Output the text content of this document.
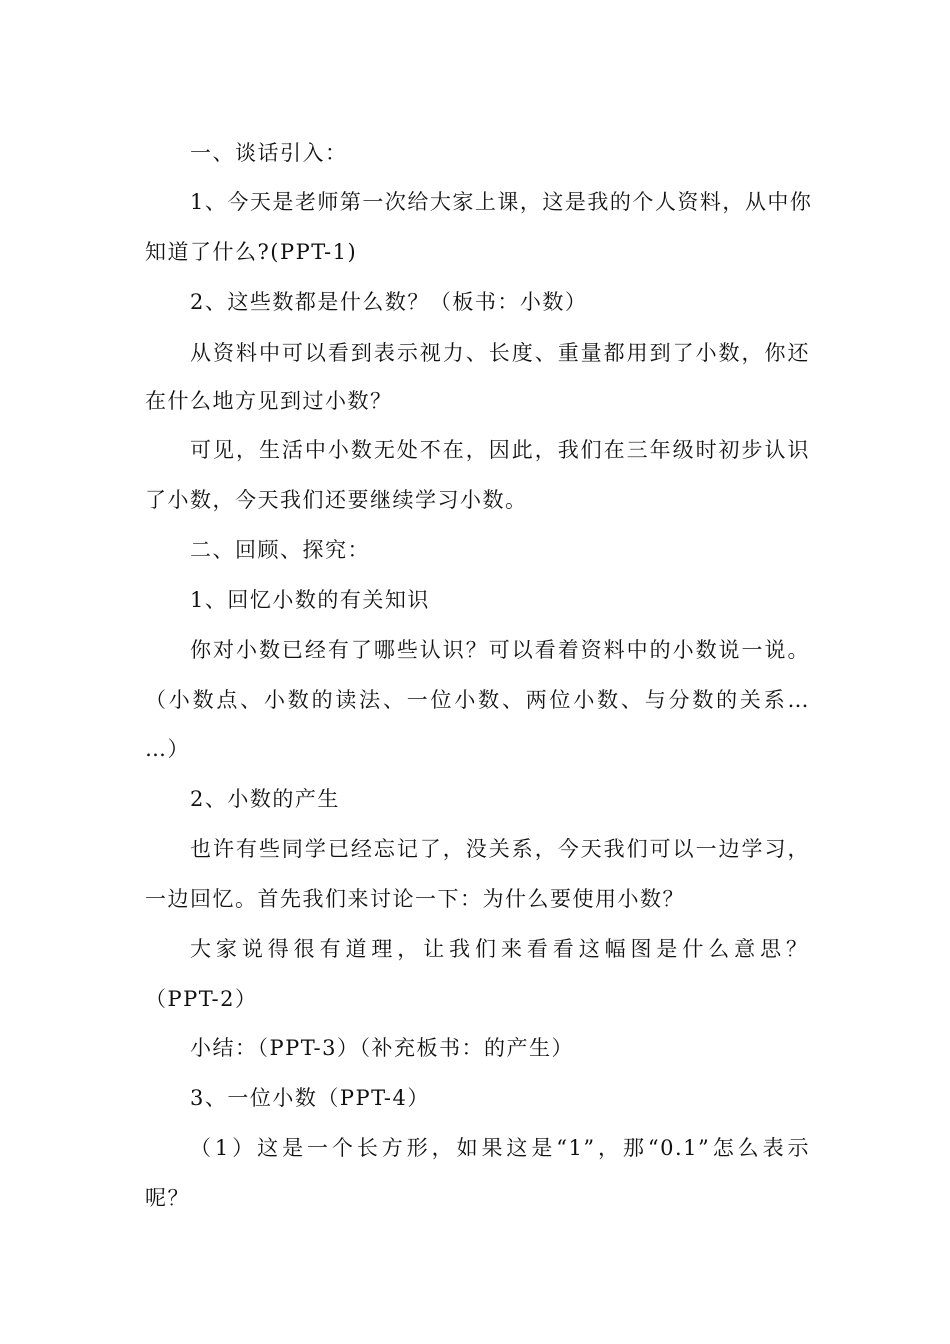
一、谈话引入：
1、今天是老师第一次给大家上课，这是我的个人资料，从中你
知道了什么?(PPT-1)
2、这些数都是什么数？（板书：小数）
从资料中可以看到表示视力、长度、重量都用到了小数，你还
在什么地方见到过小数？
可见，生活中小数无处不在，因此，我们在三年级时初步认识
了小数，今天我们还要继续学习小数。
二、回顾、探究：
1、回忆小数的有关知识
你对小数已经有了哪些认识？可以看着资料中的小数说一说。
（小数点、小数的读法、一位小数、两位小数、与分数的关系…
…）
2、小数的产生
也许有些同学已经忘记了，没关系，今天我们可以一边学习，
一边回忆。首先我们来讨论一下：为什么要使用小数？
大家说得很有道理，让我们来看看这幅图是什么意思？
（PPT-2）
小结：（PPT-3）（补充板书：的产生）
3、一位小数（PPT-4）
（1）这是一个长方形，如果这是“1”，那“0.1”怎么表示
呢？
